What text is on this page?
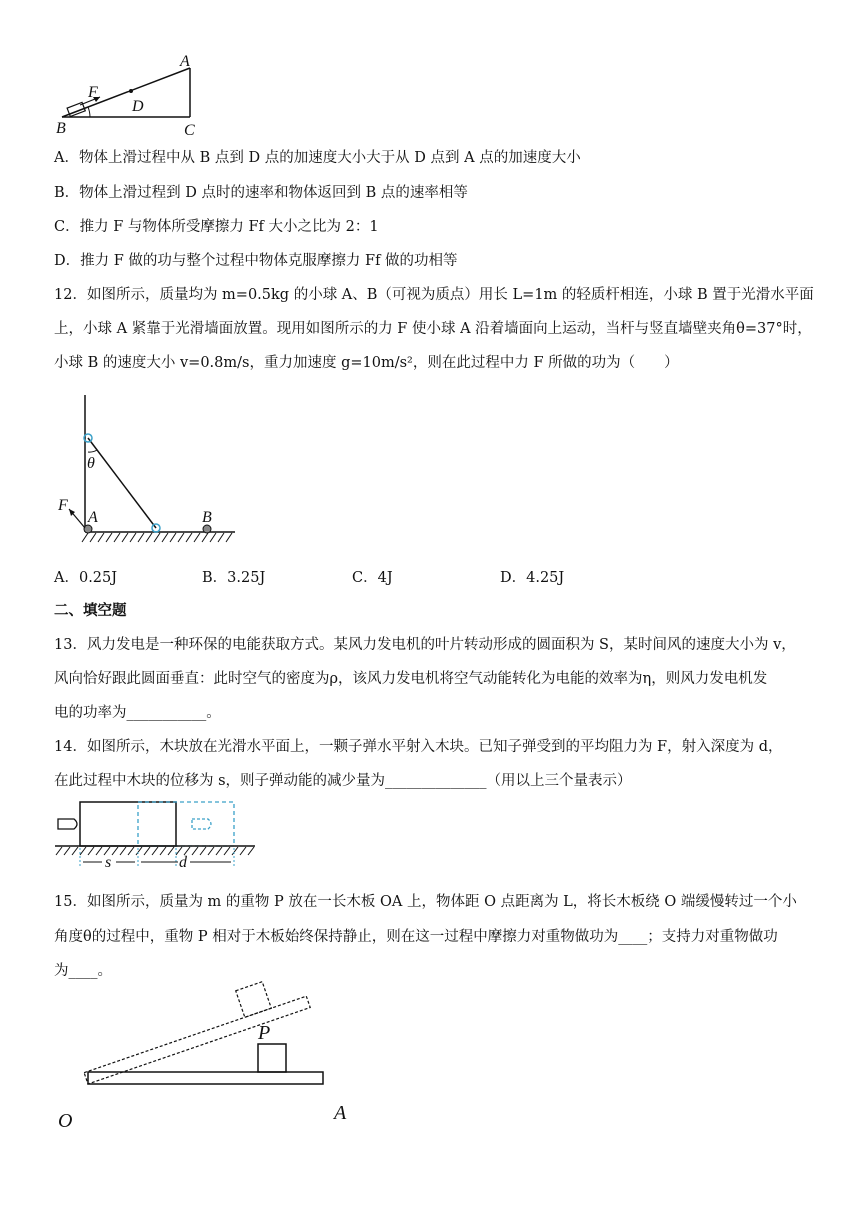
A
B	C
D
F
A．物体上滑过程中从 B 点到 D 点的加速度大小大于从 D 点到 A 点的加速度大小
B．物体上滑过程到 D 点时的速率和物体返回到 B 点的速率相等
C．推力 F 与物体所受摩擦力 Ff 大小之比为 2：1
D．推力 F 做的功与整个过程中物体克服摩擦力 Ff 做的功相等
12．如图所示，质量均为 m=0.5kg 的小球 A、B（可视为质点）用长 L=1m 的轻质杆相连，小球 B 置于光滑水平面
上，小球 A 紧靠于光滑墙面放置。现用如图所示的力 F 使小球 A 沿着墙面向上运动，当杆与竖直墙壁夹角θ=37°时，
小球 B 的速度大小 v=0.8m/s，重力加速度 g=10m/s²，则在此过程中力 F 所做的功为（　　）
θ
F
A	B
A．0.25J	B．3.25J	C．4J	D．4.25J
二、填空题
13．风力发电是一种环保的电能获取方式。某风力发电机的叶片转动形成的圆面积为 S，某时间风的速度大小为 v，
风向恰好跟此圆面垂直：此时空气的密度为ρ，该风力发电机将空气动能转化为电能的效率为η，则风力发电机发
电的功率为___________。
14．如图所示，木块放在光滑水平面上，一颗子弹水平射入木块。已知子弹受到的平均阻力为 F，射入深度为 d，
在此过程中木块的位移为 s，则子弹动能的减少量为______________（用以上三个量表示）
s	d
15．如图所示，质量为 m 的重物 P 放在一长木板 OA 上，物体距 O 点距离为 L，将长木板绕 O 端缓慢转过一个小
角度θ的过程中，重物 P 相对于木板始终保持静止，则在这一过程中摩擦力对重物做功为____；支持力对重物做功
为____。
O	A
P
